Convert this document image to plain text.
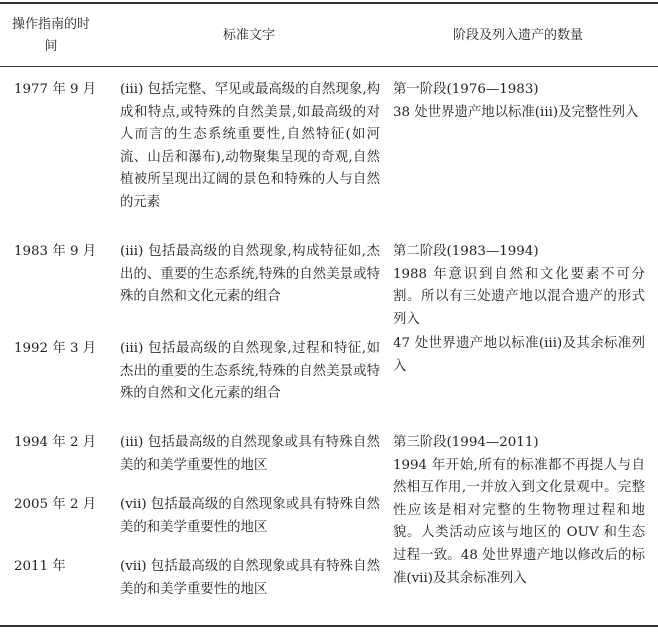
操作指南的时间
标准文字	阶段及列入遗产的数量
1977 年 9 月
1983 年 9 月
1992 年 3 月
1994 年 2 月
2005 年 2 月
2011 年
(iii) 包括完整、罕见或最高级的自然现象,构成和特点,或特殊的自然美景,如最高级的对人而言的生态系统重要性,自然特征(如河流、山岳和瀑布),动物聚集呈现的奇观,自然植被所呈现出辽阔的景色和特殊的人与自然的元素
(iii) 包括最高级的自然现象,构成特征如,杰出的、重要的生态系统,特殊的自然美景或特殊的自然和文化元素的组合
(iii) 包括最高级的自然现象,过程和特征,如杰出的重要的生态系统,特殊的自然美景或特殊的自然和文化元素的组合
(iii) 包括最高级的自然现象或具有特殊自然美的和美学重要性的地区
(vii) 包括最高级的自然现象或具有特殊自然美的和美学重要性的地区
(vii) 包括最高级的自然现象或具有特殊自然美的和美学重要性的地区
第一阶段(1976—1983)
38 处世界遗产地以标准(iii)及完整性列入
第二阶段(1983—1994)
1988 年意识到自然和文化要素不可分割。所以有三处遗产地以混合遗产的形式列入
47 处世界遗产地以标准(iii)及其余标准列入
第三阶段(1994—2011)
1994 年开始,所有的标准都不再提人与自然相互作用,一并放入到文化景观中。完整性应该是相对完整的生物物理过程和地貌。人类活动应该与地区的 OUV 和生态过程一致。48 处世界遗产地以修改后的标准(vii)及其余标准列入
